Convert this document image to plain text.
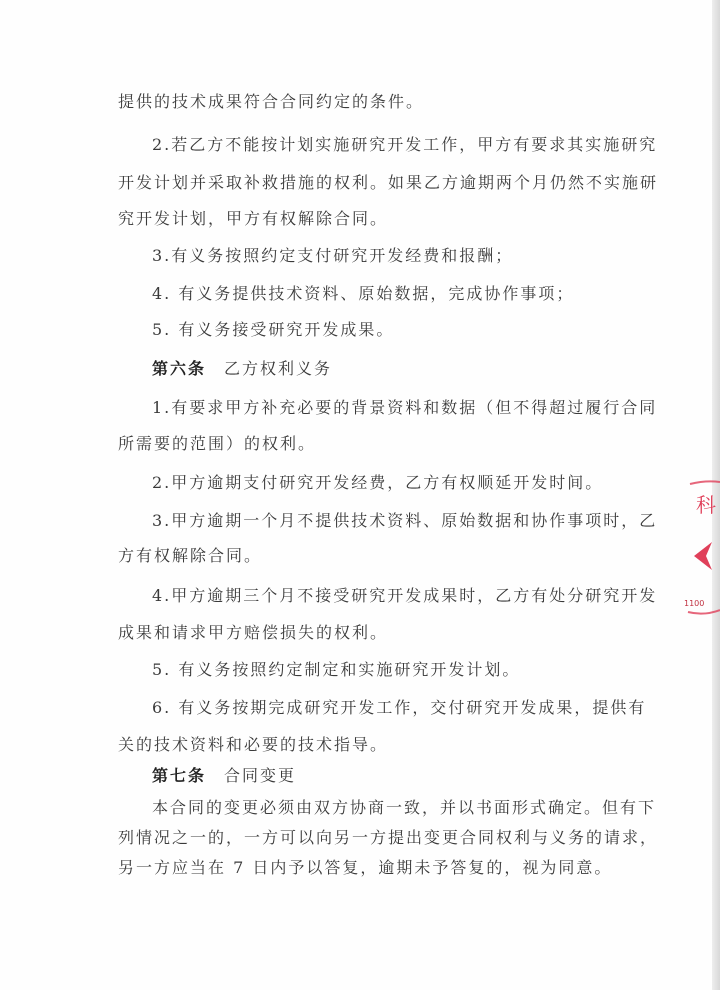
提供的技术成果符合合同约定的条件。
2.若乙方不能按计划实施研究开发工作，甲方有要求其实施研究
开发计划并采取补救措施的权利。如果乙方逾期两个月仍然不实施研
究开发计划，甲方有权解除合同。
3.有义务按照约定支付研究开发经费和报酬；
4. 有义务提供技术资料、原始数据，完成协作事项；
5. 有义务接受研究开发成果。
第六条 乙方权利义务
1.有要求甲方补充必要的背景资料和数据（但不得超过履行合同
所需要的范围）的权利。
2.甲方逾期支付研究开发经费，乙方有权顺延开发时间。
3.甲方逾期一个月不提供技术资料、原始数据和协作事项时，乙
方有权解除合同。
4.甲方逾期三个月不接受研究开发成果时，乙方有处分研究开发
成果和请求甲方赔偿损失的权利。
5. 有义务按照约定制定和实施研究开发计划。
6. 有义务按期完成研究开发工作，交付研究开发成果，提供有
关的技术资料和必要的技术指导。
第七条 合同变更
本合同的变更必须由双方协商一致，并以书面形式确定。但有下
列情况之一的，一方可以向另一方提出变更合同权利与义务的请求，
另一方应当在 7 日内予以答复，逾期未予答复的，视为同意。
科
1100
